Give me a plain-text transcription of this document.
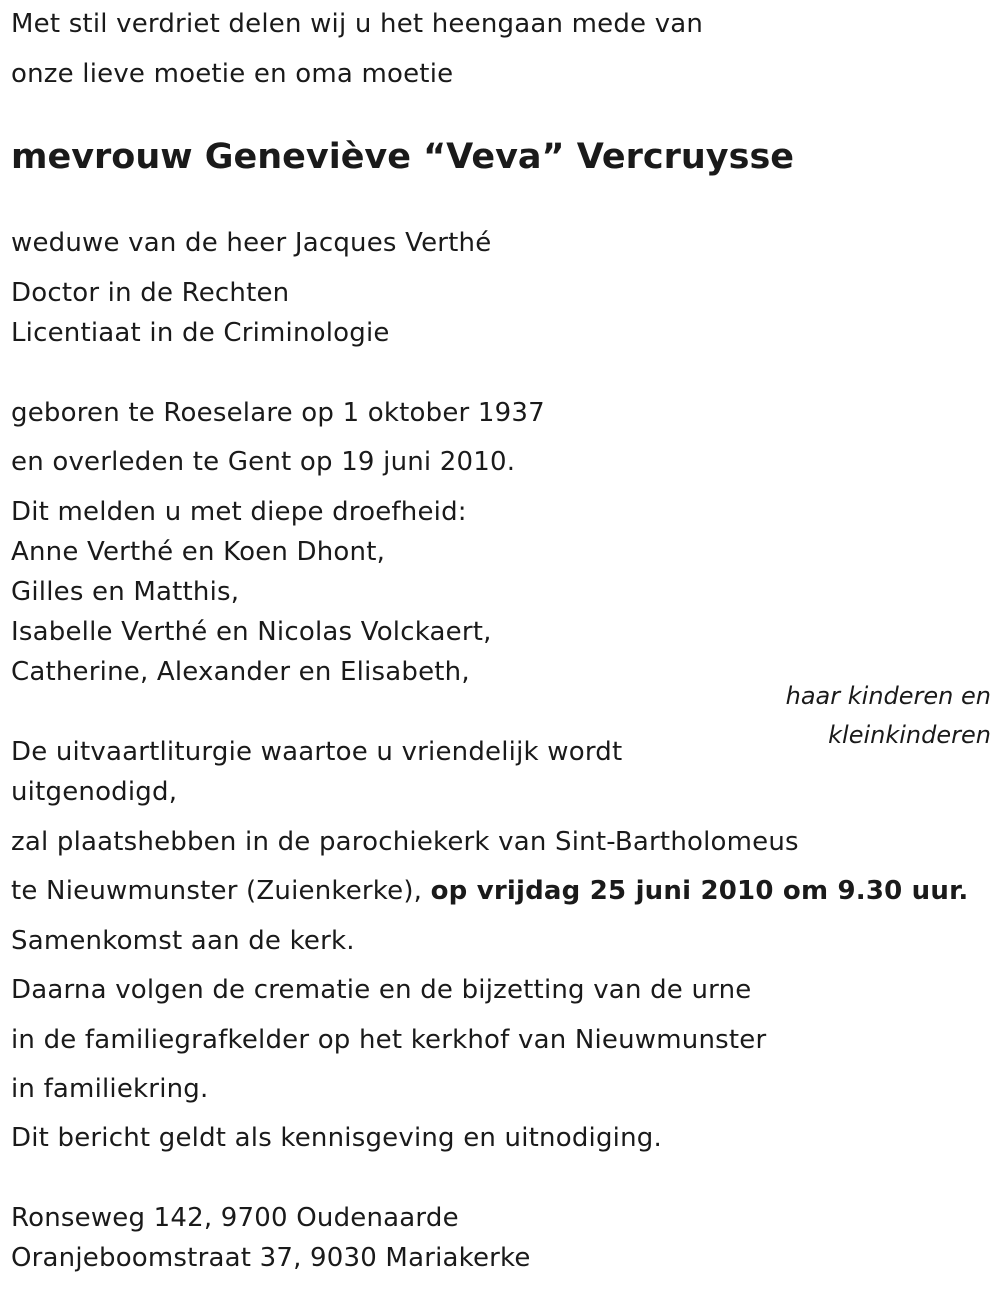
Met stil verdriet delen wij u het heengaan mede van
onze lieve moetie en oma moetie
mevrouw Geneviève “Veva” Vercruysse
weduwe van de heer Jacques Verthé
Doctor in de Rechten
Licentiaat in de Criminologie
geboren te Roeselare op 1 oktober 1937
en overleden te Gent op 19 juni 2010.
Dit melden u met diepe droefheid:
Anne Verthé en Koen Dhont,
Gilles en Matthis,
Isabelle Verthé en Nicolas Volckaert,
Catherine, Alexander en Elisabeth,
haar kinderen en
kleinkinderen
De uitvaartliturgie waartoe u vriendelijk wordt
uitgenodigd,
zal plaatshebben in de parochiekerk van Sint-Bartholomeus
te Nieuwmunster (Zuienkerke), op vrijdag 25 juni 2010 om 9.30 uur.
Samenkomst aan de kerk.
Daarna volgen de crematie en de bijzetting van de urne
in de familiegrafkelder op het kerkhof van Nieuwmunster
in familiekring.
Dit bericht geldt als kennisgeving en uitnodiging.
Ronseweg 142, 9700 Oudenaarde
Oranjeboomstraat 37, 9030 Mariakerke
